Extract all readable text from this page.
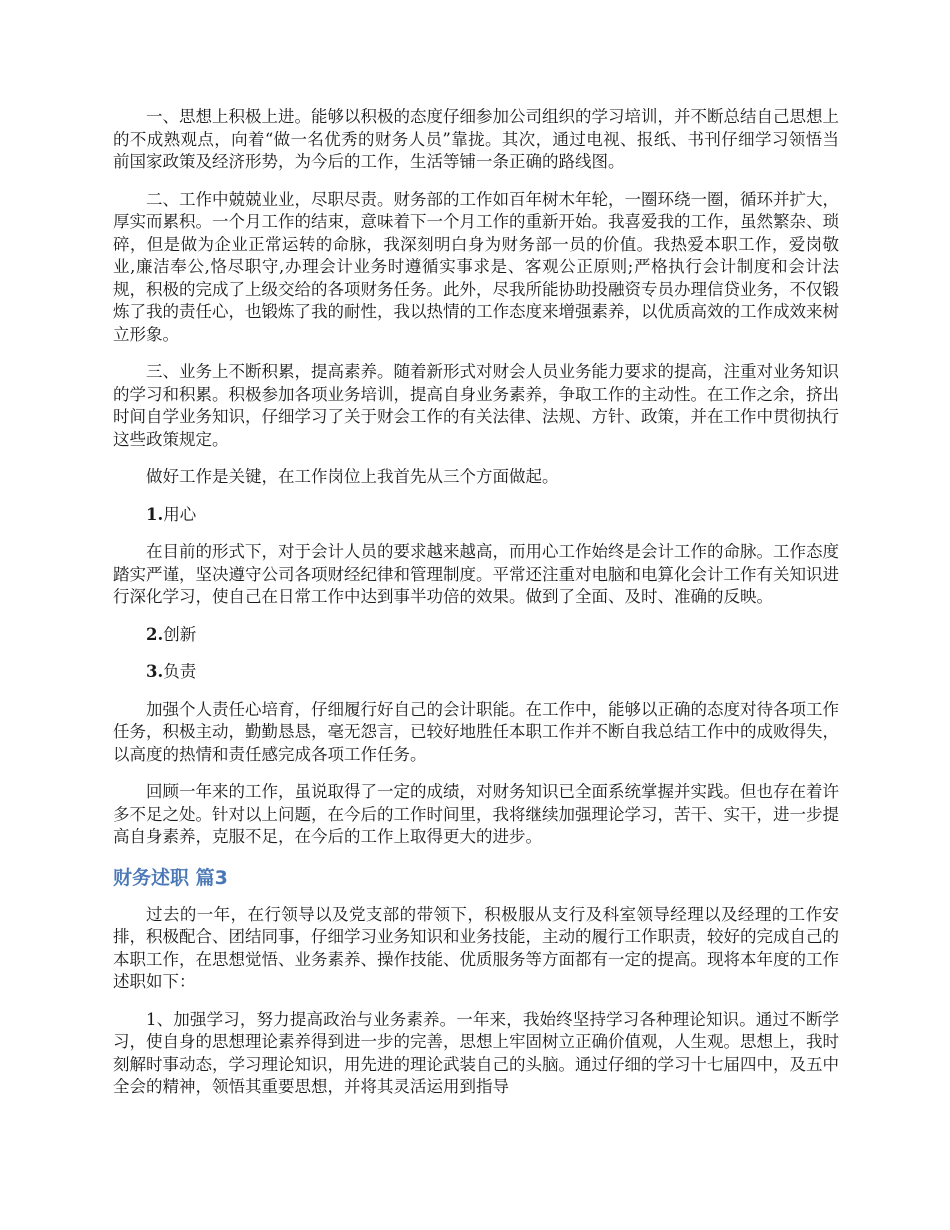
一、思想上积极上进。能够以积极的态度仔细参加公司组织的学习培训，并不断总结自己思想上的不成熟观点，向着“做一名优秀的财务人员”靠拢。其次，通过电视、报纸、书刊仔细学习领悟当前国家政策及经济形势，为今后的工作，生活等铺一条正确的路线图。

二、工作中兢兢业业，尽职尽责。财务部的工作如百年树木年轮，一圈环绕一圈，循环并扩大，厚实而累积。一个月工作的结束，意味着下一个月工作的重新开始。我喜爱我的工作，虽然繁杂、琐碎，但是做为企业正常运转的命脉，我深刻明白身为财务部一员的价值。我热爱本职工作，爱岗敬业,廉洁奉公,恪尽职守,办理会计业务时遵循实事求是、客观公正原则;严格执行会计制度和会计法规，积极的完成了上级交给的各项财务任务。此外，尽我所能协助投融资专员办理信贷业务，不仅锻炼了我的责任心，也锻炼了我的耐性，我以热情的工作态度来增强素养，以优质高效的工作成效来树立形象。

三、业务上不断积累，提高素养。随着新形式对财会人员业务能力要求的提高，注重对业务知识的学习和积累。积极参加各项业务培训，提高自身业务素养，争取工作的主动性。在工作之余，挤出时间自学业务知识，仔细学习了关于财会工作的有关法律、法规、方针、政策，并在工作中贯彻执行这些政策规定。

做好工作是关键，在工作岗位上我首先从三个方面做起。

1.用心

在目前的形式下，对于会计人员的要求越来越高，而用心工作始终是会计工作的命脉。工作态度踏实严谨，坚决遵守公司各项财经纪律和管理制度。平常还注重对电脑和电算化会计工作有关知识进行深化学习，使自己在日常工作中达到事半功倍的效果。做到了全面、及时、准确的反映。

2.创新

3.负责

加强个人责任心培育，仔细履行好自己的会计职能。在工作中，能够以正确的态度对待各项工作任务，积极主动，勤勤恳恳，毫无怨言，已较好地胜任本职工作并不断自我总结工作中的成败得失，以高度的热情和责任感完成各项工作任务。

回顾一年来的工作，虽说取得了一定的成绩，对财务知识已全面系统掌握并实践。但也存在着许多不足之处。针对以上问题，在今后的工作时间里，我将继续加强理论学习，苦干、实干，进一步提高自身素养，克服不足，在今后的工作上取得更大的进步。

财务述职 篇3

过去的一年，在行领导以及党支部的带领下，积极服从支行及科室领导经理以及经理的工作安排，积极配合、团结同事，仔细学习业务知识和业务技能，主动的履行工作职责，较好的完成自己的本职工作，在思想觉悟、业务素养、操作技能、优质服务等方面都有一定的提高。现将本年度的工作述职如下：

1、加强学习，努力提高政治与业务素养。一年来，我始终坚持学习各种理论知识。通过不断学习，使自身的思想理论素养得到进一步的完善，思想上牢固树立正确价值观，人生观。思想上，我时刻解时事动态，学习理论知识，用先进的理论武装自己的头脑。通过仔细的学习十七届四中，及五中全会的精神，领悟其重要思想，并将其灵活运用到指导
